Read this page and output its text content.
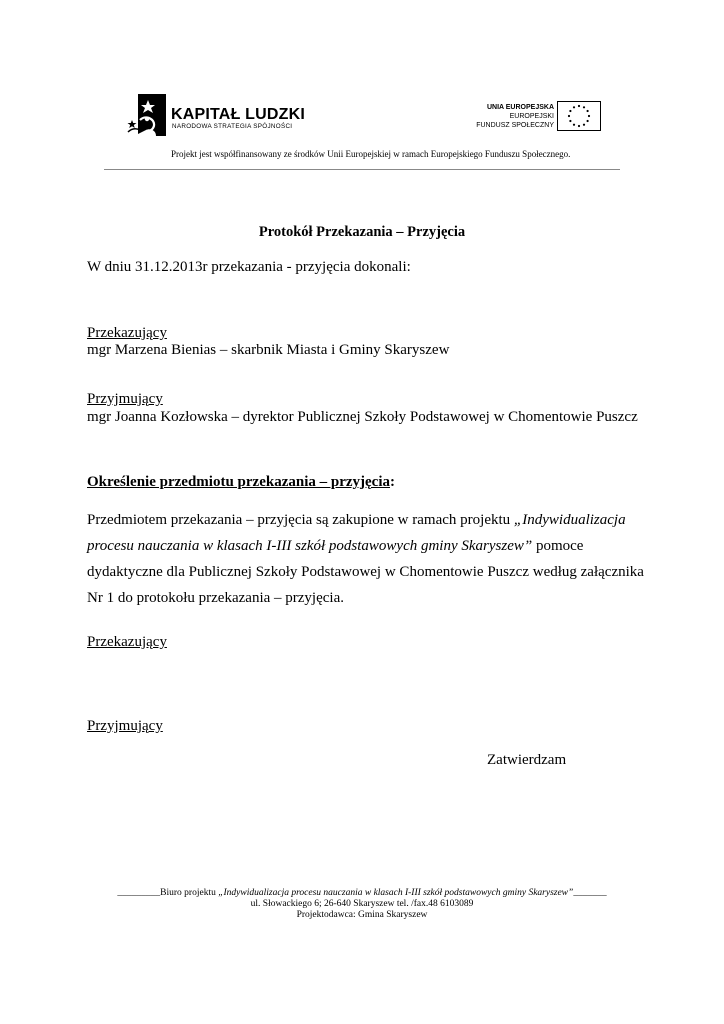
KAPITAŁ LUDZKI
NARODOWA STRATEGIA SPÓJNOŚCI
UNIA EUROPEJSKA
EUROPEJSKI
FUNDUSZ SPOŁECZNY
Projekt jest współfinansowany ze środków Unii Europejskiej w ramach Europejskiego Funduszu Społecznego.
Protokół Przekazania – Przyjęcia
W dniu 31.12.2013r przekazania - przyjęcia dokonali:
Przekazujący
mgr Marzena Bienias – skarbnik Miasta i Gminy Skaryszew
Przyjmujący
mgr Joanna Kozłowska – dyrektor Publicznej Szkoły Podstawowej w Chomentowie Puszcz
Określenie przedmiotu przekazania – przyjęcia:

Przedmiotem przekazania – przyjęcia są zakupione w ramach projektu „Indywidualizacja

procesu nauczania w klasach I-III szkół podstawowych gminy Skaryszew” pomoce

dydaktyczne dla Publicznej Szkoły Podstawowej w Chomentowie Puszcz według załącznika

Nr 1 do protokołu przekazania – przyjęcia.

Przekazujący
Przyjmujący
Zatwierdzam
_________Biuro projektu „Indywidualizacja procesu nauczania w klasach I-III szkół podstawowych gminy Skaryszew”_______
ul. Słowackiego 6; 26-640 Skaryszew tel. /fax.48 6103089
Projektodawca: Gmina Skaryszew
